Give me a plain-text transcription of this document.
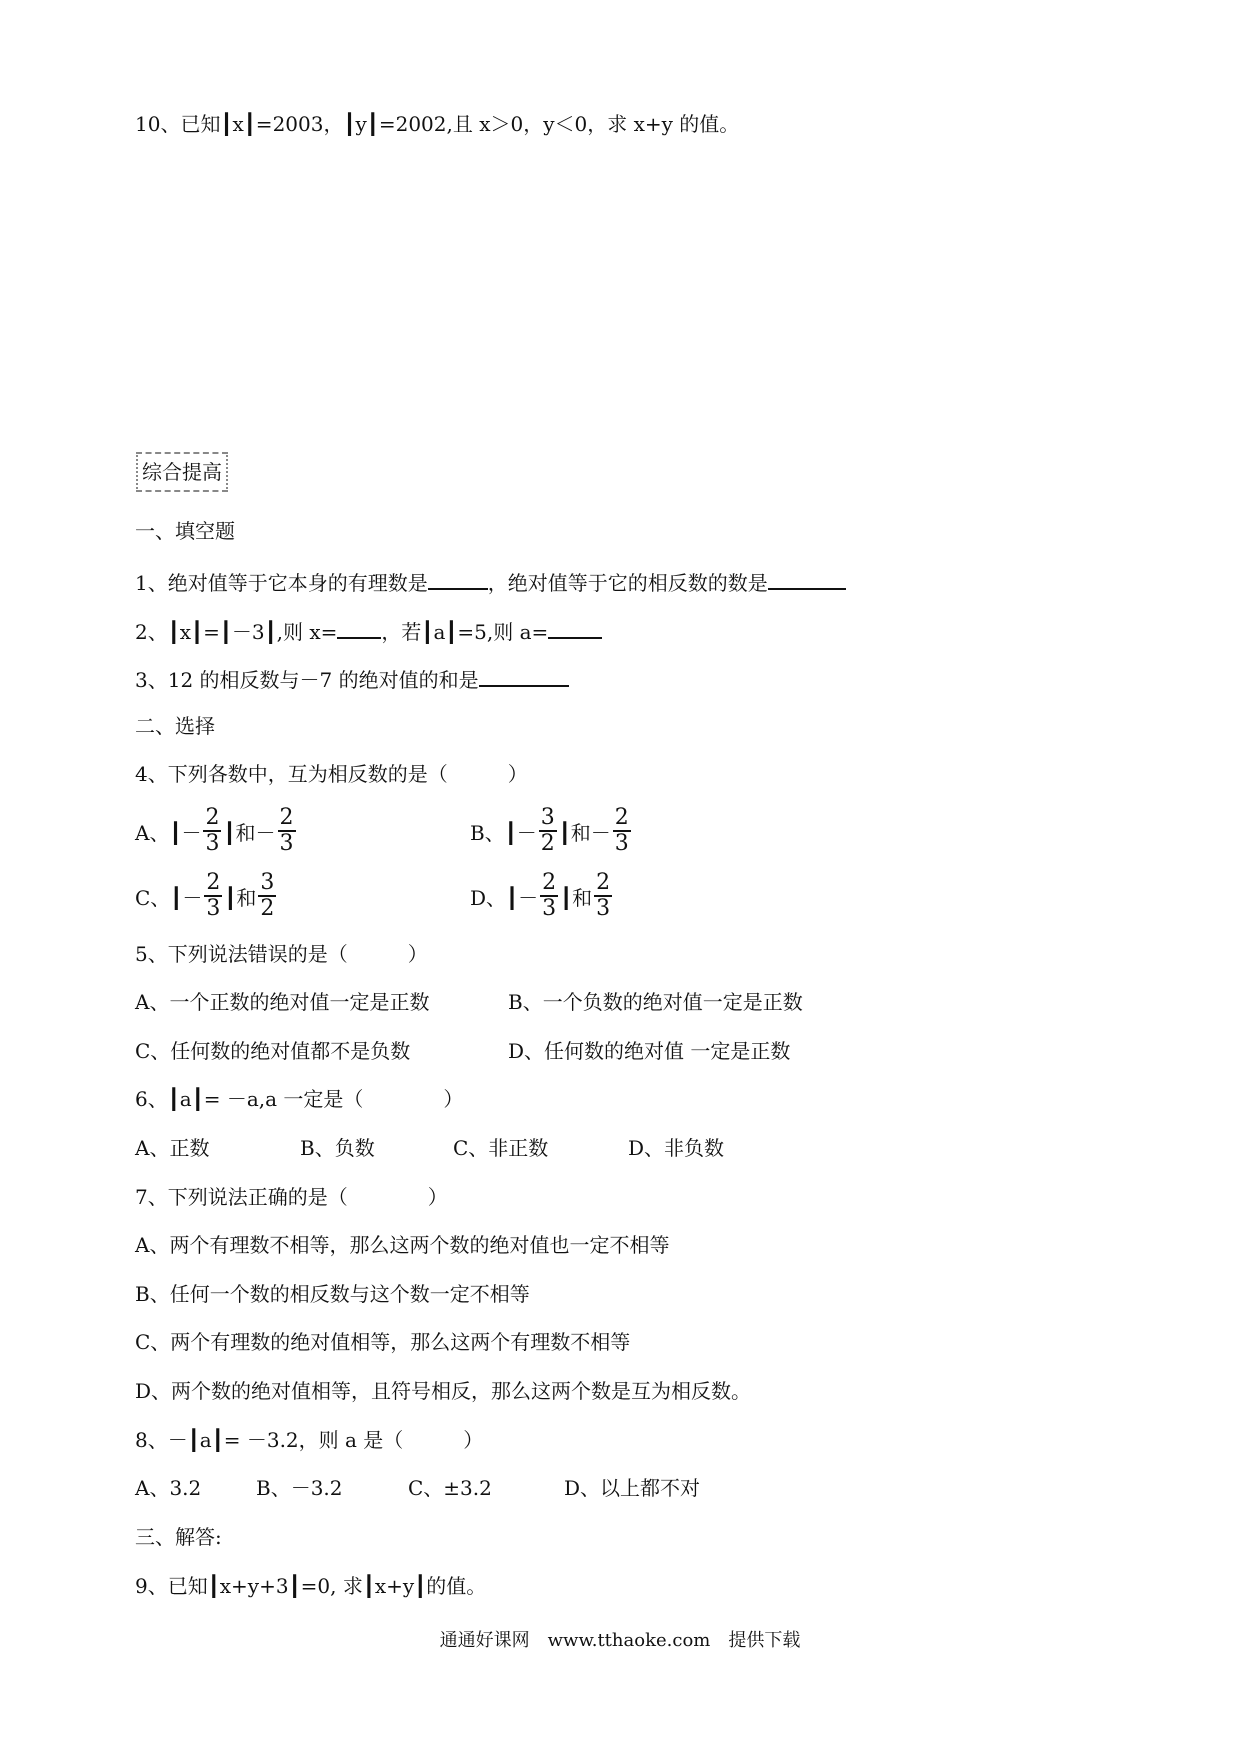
10、已知┃x┃=2003，┃y┃=2002,且 x＞0，y＜0，求 x+y 的值。
综合提高
一、填空题
1、绝对值等于它本身的有理数是	，绝对值等于它的相反数的数是
2、┃x┃=┃－3┃,则 x= ，若┃a┃=5,则 a=
3、12 的相反数与－7 的绝对值的和是
二、选择
4、下列各数中，互为相反数的是（　　　）
A、┃－ $\frac{2}{3}$ ┃和－ $\frac{2}{3}$	B、┃－ $\frac{3}{2}$ ┃和－ $\frac{2}{3}$
C、┃－ $\frac{2}{3}$ ┃和 $\frac{3}{2}$	D、┃－ $\frac{2}{3}$ ┃和 $\frac{2}{3}$
5、下列说法错误的是（　　　）
A、一个正数的绝对值一定是正数	B、一个负数的绝对值一定是正数
C、任何数的绝对值都不是负数	D、任何数的绝对值 一定是正数
6、┃a┃= －a,a 一定是（　　　　）
A、正数	B、负数	C、非正数	D、非负数
7、下列说法正确的是（　　　　）
A、两个有理数不相等，那么这两个数的绝对值也一定不相等
B、任何一个数的相反数与这个数一定不相等
C、两个有理数的绝对值相等，那么这两个有理数不相等
D、两个数的绝对值相等，且符号相反，那么这两个数是互为相反数。
8、－┃a┃= －3.2，则 a 是（　　　）
A、3.2	B、－3.2	C、±3.2	D、以上都不对
三、解答:
9、已知┃x+y+3┃=0, 求┃x+y┃的值。
通通好课网　www.tthaoke.com　提供下载
